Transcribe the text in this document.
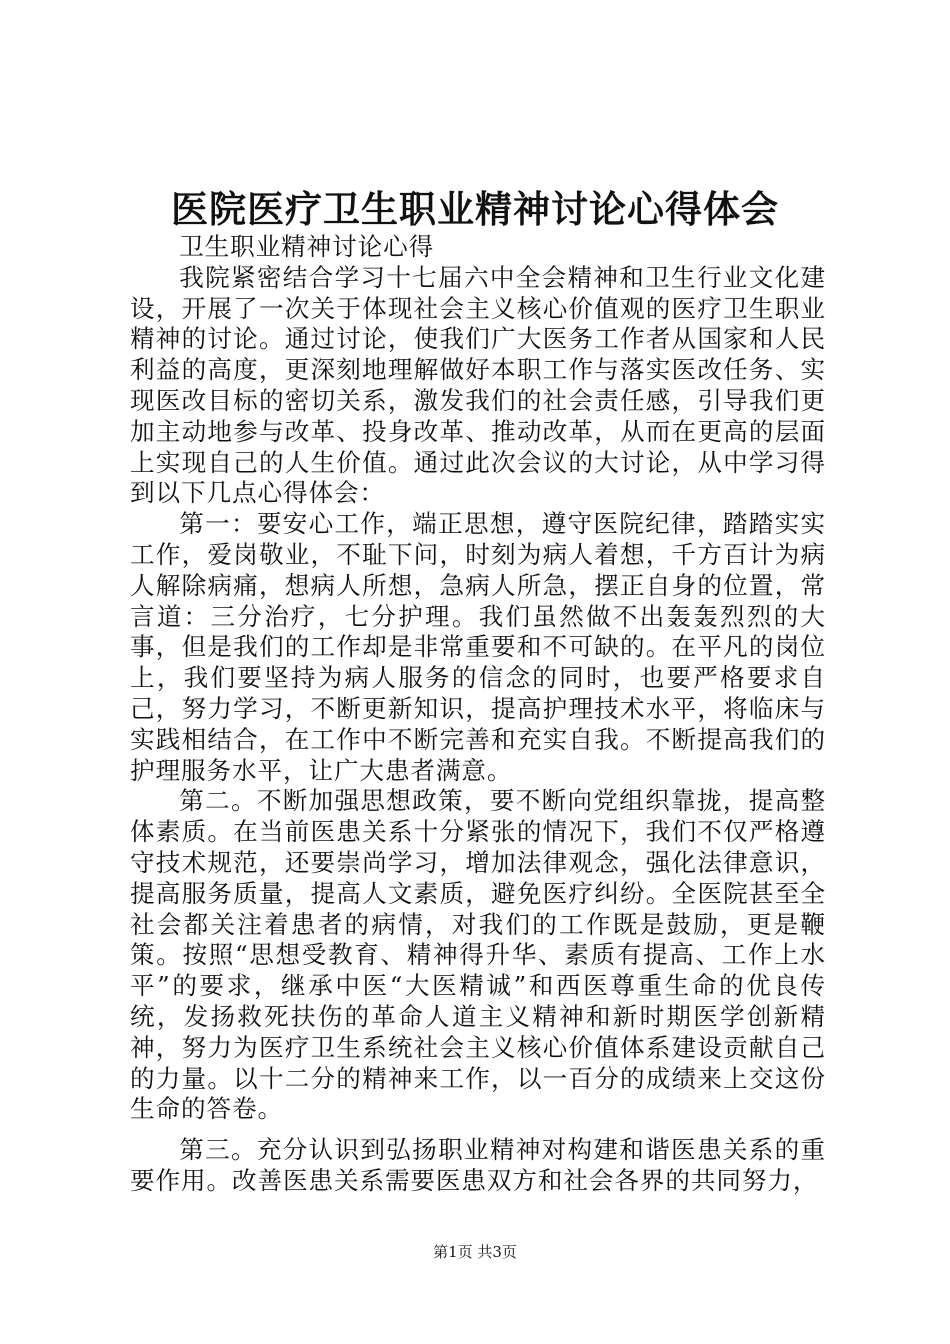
医院医疗卫生职业精神讨论心得体会

卫生职业精神讨论心得

我院紧密结合学习十七届六中全会精神和卫生行业文化建设，开展了一次关于体现社会主义核心价值观的医疗卫生职业精神的讨论。通过讨论，使我们广大医务工作者从国家和人民利益的高度，更深刻地理解做好本职工作与落实医改任务、实现医改目标的密切关系，激发我们的社会责任感，引导我们更加主动地参与改革、投身改革、推动改革，从而在更高的层面上实现自己的人生价值。通过此次会议的大讨论，从中学习得到以下几点心得体会：

第一：要安心工作，端正思想，遵守医院纪律，踏踏实实工作，爱岗敬业，不耻下问，时刻为病人着想，千方百计为病人解除病痛，想病人所想，急病人所急，摆正自身的位置，常言道：三分治疗，七分护理。我们虽然做不出轰轰烈烈的大事，但是我们的工作却是非常重要和不可缺的。在平凡的岗位上，我们要坚持为病人服务的信念的同时，也要严格要求自己，努力学习，不断更新知识，提高护理技术水平，将临床与实践相结合，在工作中不断完善和充实自我。不断提高我们的护理服务水平，让广大患者满意。

第二。不断加强思想政策，要不断向党组织靠拢，提高整体素质。在当前医患关系十分紧张的情况下，我们不仅严格遵守技术规范，还要崇尚学习，增加法律观念，强化法律意识，提高服务质量，提高人文素质，避免医疗纠纷。全医院甚至全社会都关注着患者的病情，对我们的工作既是鼓励，更是鞭策。按照“思想受教育、精神得升华、素质有提高、工作上水平”的要求，继承中医“大医精诚”和西医尊重生命的优良传统，发扬救死扶伤的革命人道主义精神和新时期医学创新精神，努力为医疗卫生系统社会主义核心价值体系建设贡献自己的力量。以十二分的精神来工作，以一百分的成绩来上交这份生命的答卷。

第三。充分认识到弘扬职业精神对构建和谐医患关系的重要作用。改善医患关系需要医患双方和社会各界的共同努力，

第1页 共3页
